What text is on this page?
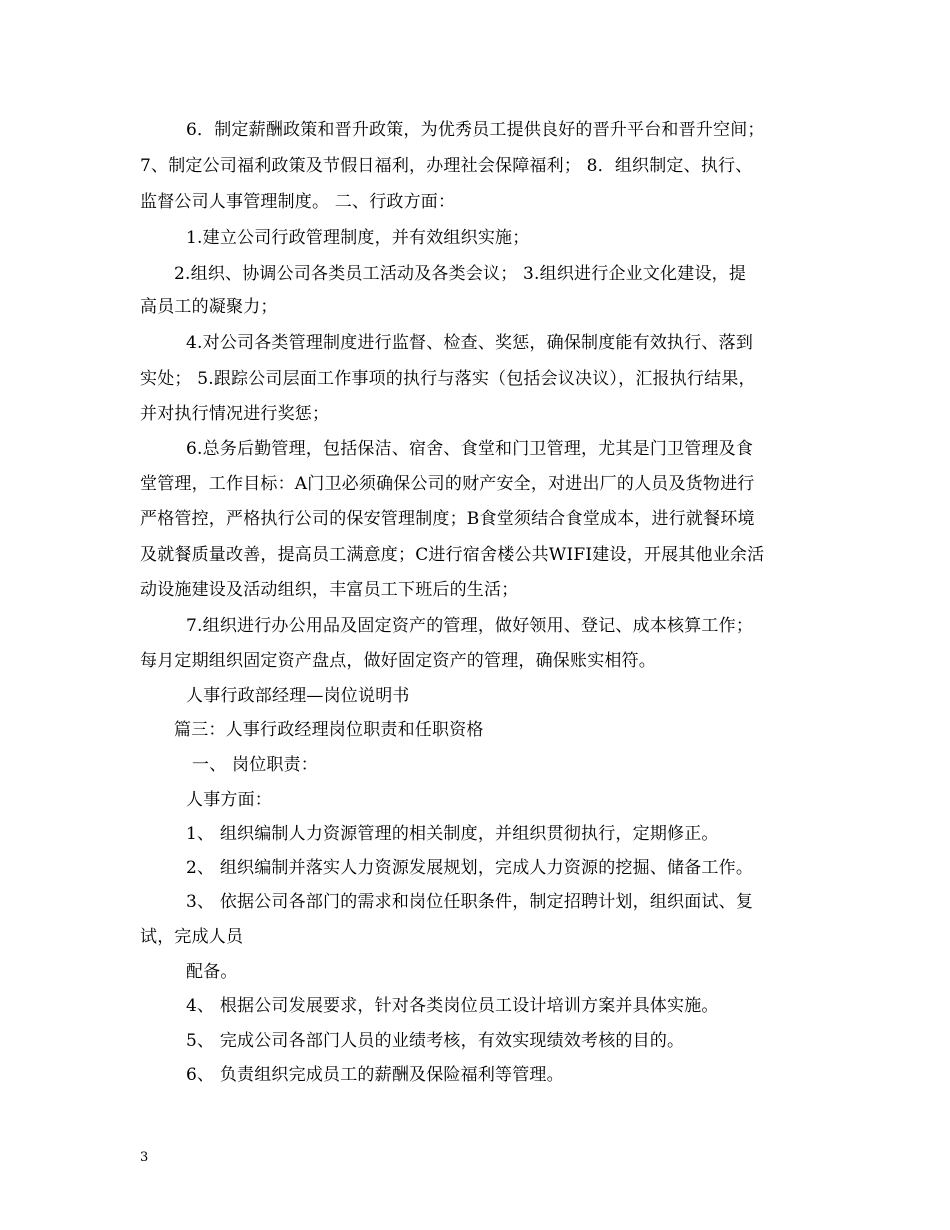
6．制定薪酬政策和晋升政策，为优秀员工提供良好的晋升平台和晋升空间；
7、制定公司福利政策及节假日福利，办理社会保障福利； 8．组织制定、执行、
监督公司人事管理制度。 二、行政方面：
1.建立公司行政管理制度，并有效组织实施；
2.组织、协调公司各类员工活动及各类会议； 3.组织进行企业文化建设，提
高员工的凝聚力；
4.对公司各类管理制度进行监督、检查、奖惩，确保制度能有效执行、落到
实处； 5.跟踪公司层面工作事项的执行与落实（包括会议决议），汇报执行结果，
并对执行情况进行奖惩；
6.总务后勤管理，包括保洁、宿舍、食堂和门卫管理，尤其是门卫管理及食
堂管理，工作目标：A门卫必须确保公司的财产安全，对进出厂的人员及货物进行
严格管控，严格执行公司的保安管理制度；B食堂须结合食堂成本，进行就餐环境
及就餐质量改善，提高员工满意度；C进行宿舍楼公共WIFI建设，开展其他业余活
动设施建设及活动组织，丰富员工下班后的生活；
7.组织进行办公用品及固定资产的管理，做好领用、登记、成本核算工作；
每月定期组织固定资产盘点，做好固定资产的管理，确保账实相符。
人事行政部经理—岗位说明书
篇三：人事行政经理岗位职责和任职资格
一、 岗位职责：
人事方面：
1、 组织编制人力资源管理的相关制度，并组织贯彻执行，定期修正。
2、 组织编制并落实人力资源发展规划，完成人力资源的挖掘、储备工作。
3、 依据公司各部门的需求和岗位任职条件，制定招聘计划，组织面试、复
试，完成人员
配备。
4、 根据公司发展要求，针对各类岗位员工设计培训方案并具体实施。
5、 完成公司各部门人员的业绩考核，有效实现绩效考核的目的。
6、 负责组织完成员工的薪酬及保险福利等管理。
3
